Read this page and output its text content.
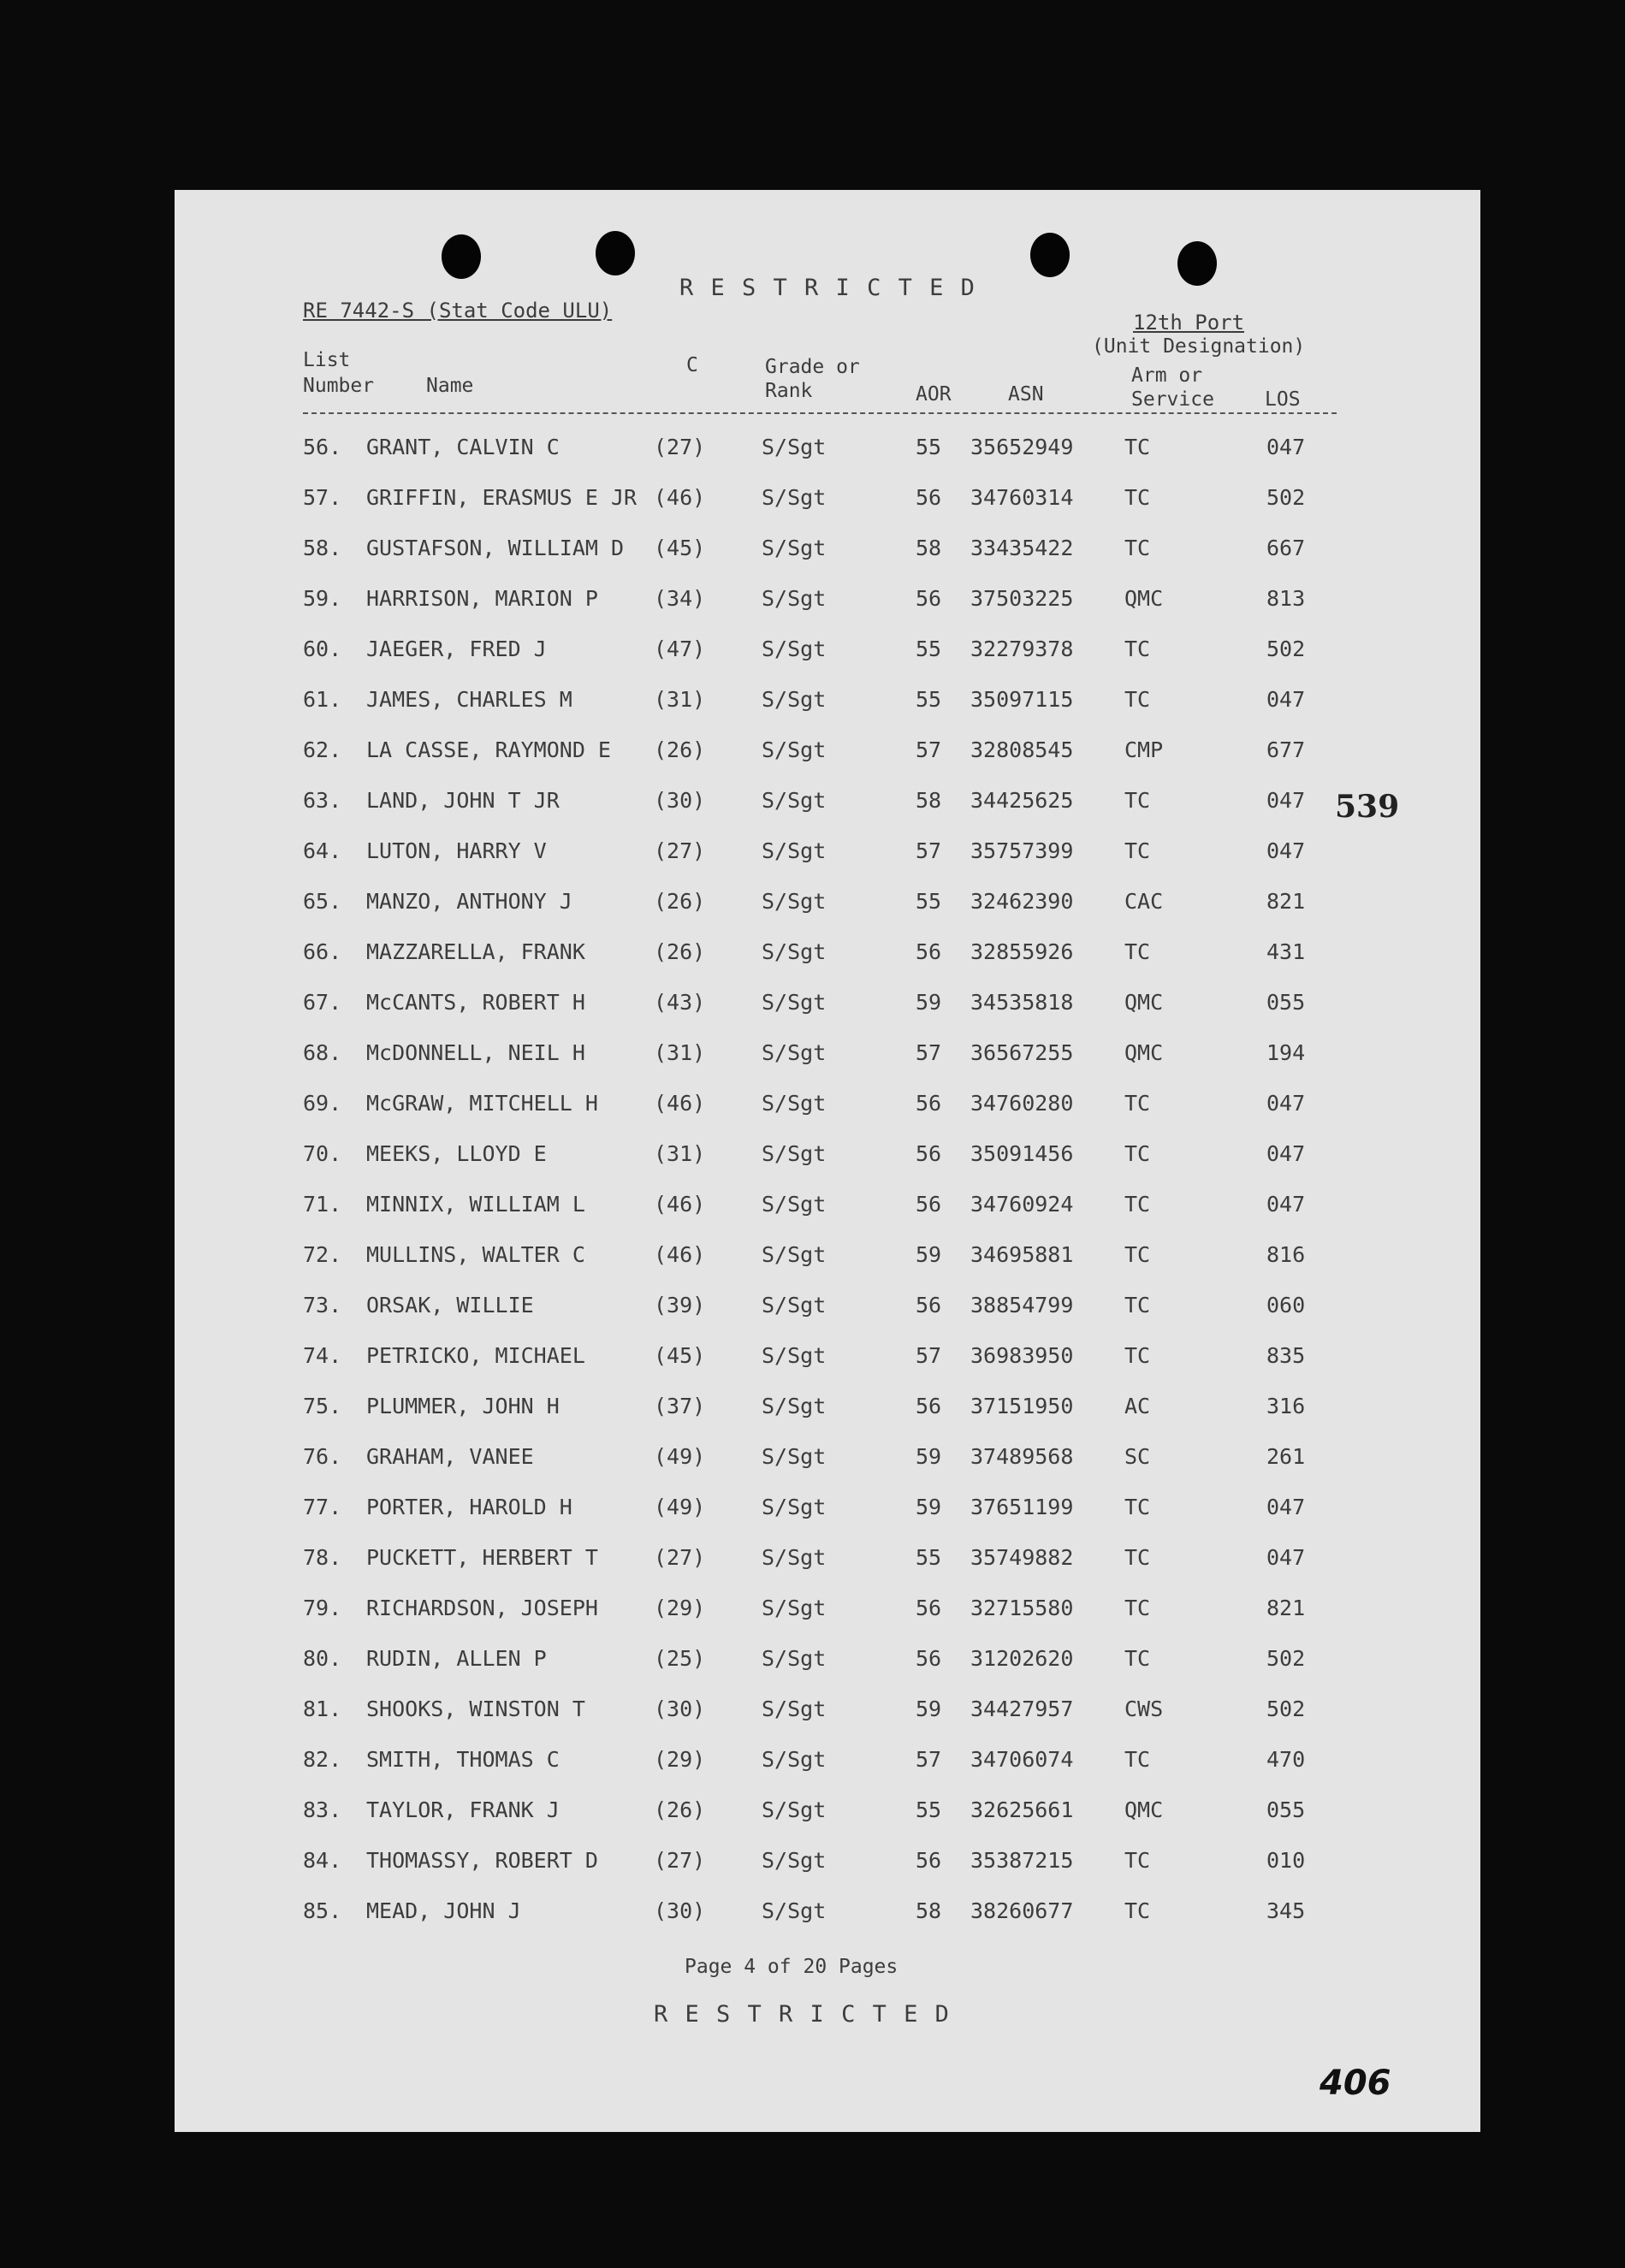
R E S T R I C T E D
RE 7442-S (Stat Code ULU)	12th Port
(Unit Designation)
List
Number	Name
C	Grade or
Rank	AOR	ASN
Arm or
Service	LOS
56. GRANT, CALVIN C	(27)	S/Sgt	55 35652949 TC	047
57. GRIFFIN, ERASMUS E JR (46)	S/Sgt	56 34760314 TC	502
58. GUSTAFSON, WILLIAM D (45)	S/Sgt	58 33435422 TC	667
59. HARRISON, MARION P	(34)	S/Sgt	56 37503225 QMC	813
60. JAEGER, FRED J	(47)	S/Sgt	55 32279378 TC	502
61. JAMES, CHARLES M	(31)	S/Sgt	55 35097115 TC	047
62. LA CASSE, RAYMOND E (26)	S/Sgt	57 32808545 CMP	677
63. LAND, JOHN T JR	(30)	S/Sgt	58 34425625 TC	047
64. LUTON, HARRY V	(27)	S/Sgt	57 35757399 TC	047
65. MANZO, ANTHONY J	(26)	S/Sgt	55 32462390 CAC	821
66. MAZZARELLA, FRANK	(26)	S/Sgt	56 32855926 TC	431
67. McCANTS, ROBERT H	(43)	S/Sgt	59 34535818 QMC	055
68. McDONNELL, NEIL H	(31)	S/Sgt	57 36567255 QMC	194
69. McGRAW, MITCHELL H	(46)	S/Sgt	56 34760280 TC	047
70. MEEKS, LLOYD E	(31)	S/Sgt	56 35091456 TC	047
71. MINNIX, WILLIAM L	(46)	S/Sgt	56 34760924 TC	047
72. MULLINS, WALTER C	(46)	S/Sgt	59 34695881 TC	816
73. ORSAK, WILLIE	(39)	S/Sgt	56 38854799 TC	060
74. PETRICKO, MICHAEL	(45)	S/Sgt	57 36983950 TC	835
75. PLUMMER, JOHN H	(37)	S/Sgt	56 37151950 AC	316
76. GRAHAM, VANEE	(49)	S/Sgt	59 37489568 SC	261
77. PORTER, HAROLD H	(49)	S/Sgt	59 37651199 TC	047
78. PUCKETT, HERBERT T	(27)	S/Sgt	55 35749882 TC	047
79. RICHARDSON, JOSEPH	(29)	S/Sgt	56 32715580 TC	821
80. RUDIN, ALLEN P	(25)	S/Sgt	56 31202620 TC	502
81. SHOOKS, WINSTON T	(30)	S/Sgt	59 34427957 CWS	502
82. SMITH, THOMAS C	(29)	S/Sgt	57 34706074 TC	470
83. TAYLOR, FRANK J	(26)	S/Sgt	55 32625661 QMC	055
84. THOMASSY, ROBERT D	(27)	S/Sgt	56 35387215 TC	010
85. MEAD, JOHN J	(30)	S/Sgt	58 38260677 TC	345
Page 4 of 20 Pages
R E S T R I C T E D
539
406
